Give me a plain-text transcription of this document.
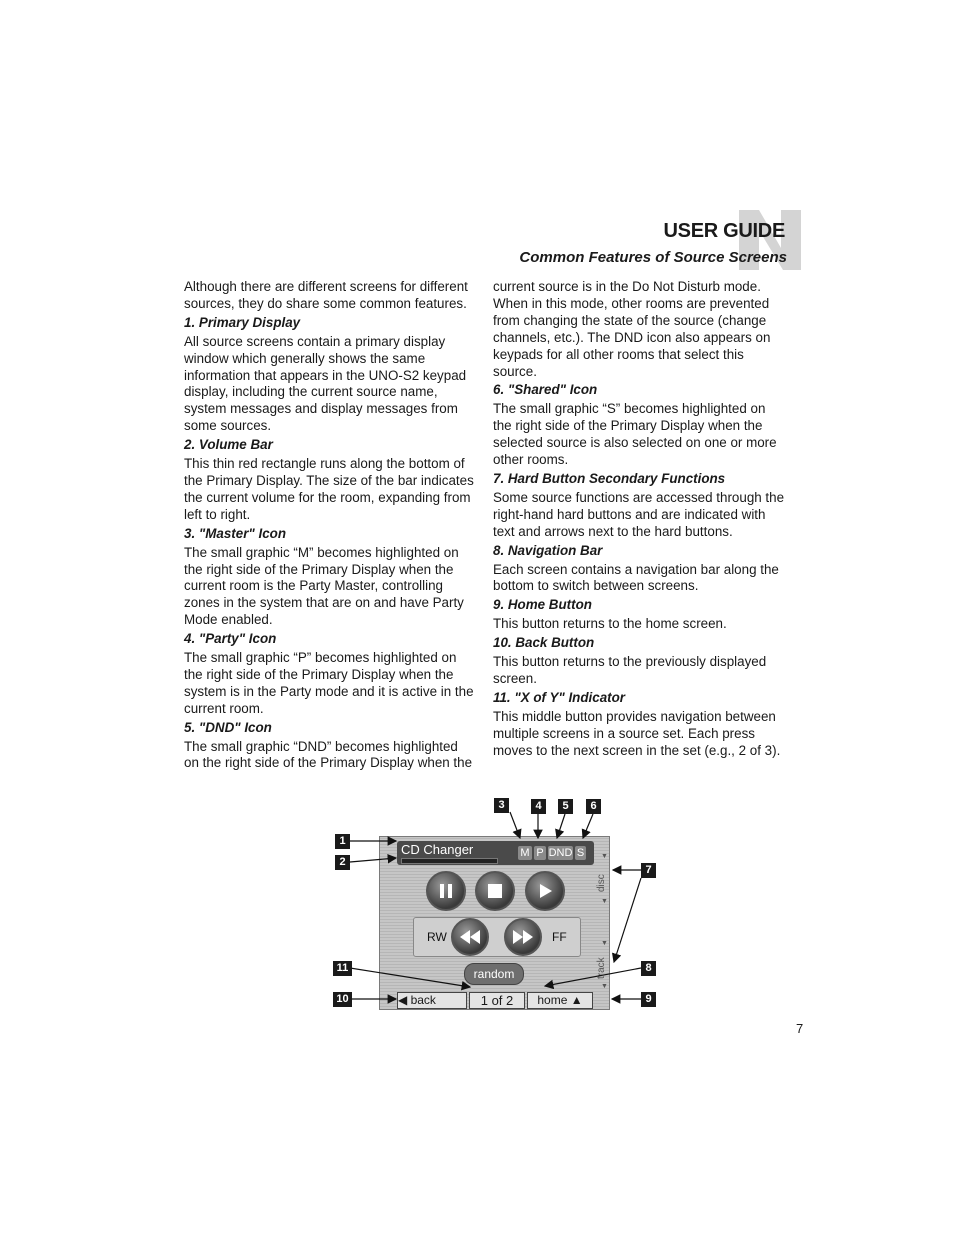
USER GUIDE
Common Features of Source Screens

Although there are different screens for different sources, they do share some common features.

1. Primary Display

All source screens contain a primary display window which generally shows the same information that appears in the UNO-S2 keypad display, including the current source name, system messages and display messages from some sources.

2. Volume Bar

This thin red rectangle runs along the bottom of the Primary Display. The size of the bar indicates the current volume for the room, expanding from left to right.

3. "Master" Icon

The small graphic “M” becomes highlighted on the right side of the Primary Display when the current room is the Party Master, controlling zones in the system that are on and have Party Mode enabled.

4. "Party" Icon

The small graphic “P” becomes highlighted on the right side of the Primary Display when the system is in the Party mode and it is active in the current room.

5. "DND" Icon

The small graphic “DND” becomes highlighted on the right side of the Primary Display when the

current source is in the Do Not Disturb mode. When in this mode, other rooms are prevented from changing the state of the source (change channels, etc.). The DND icon also appears on keypads for all other rooms that select this source.

6. "Shared" Icon

The small graphic “S” becomes highlighted on the right side of the Primary Display when the selected source is also selected on one or more other rooms.

7. Hard Button Secondary Functions

Some source functions are accessed through the right-hand hard buttons and are indicated with text and arrows next to the hard buttons.

8. Navigation Bar

Each screen contains a navigation bar along the bottom to switch between screens.

9. Home Button

This button returns to the home screen.

10. Back Button

This button returns to the previously displayed screen.

11. "X of Y" Indicator

This middle button provides navigation between multiple screens in a source set. Each press moves to the next screen in the set (e.g., 2 of 3).

CD Changer	M P DND S
RW	FF
random
disc
track
▼
▼
▼
▼
◀ back	1 of 2	home ▲
1
2
3	4	5	6
7
8
9
10
11
7
